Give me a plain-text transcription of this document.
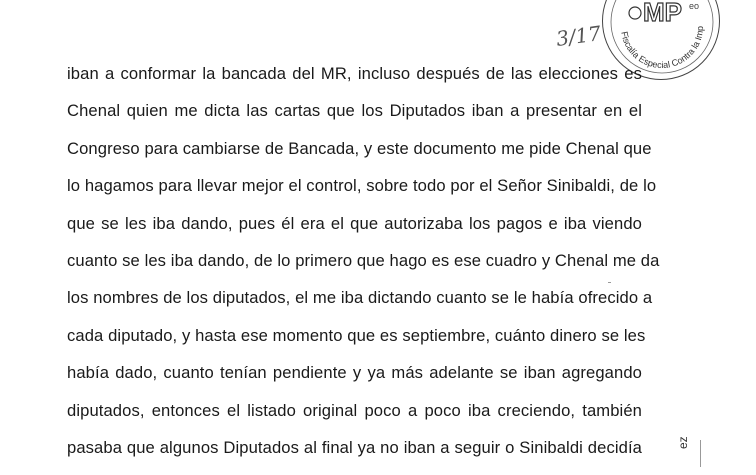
MP eo
Fiscalía Especial Contra la Imp
3/17
iban a conformar la bancada del MR, incluso después de las elecciones es
Chenal quien me dicta las cartas que los Diputados iban a presentar en el
Congreso para cambiarse de Bancada, y este documento me pide Chenal que
lo hagamos para llevar mejor el control, sobre todo por el Señor Sinibaldi, de lo
que se les iba dando, pues él era el que autorizaba los pagos e iba viendo
cuanto se les iba dando, de lo primero que hago es ese cuadro y Chenal me da
los nombres de los diputados, el me iba dictando cuanto se le había ofrecido a
cada diputado, y hasta ese momento que es septiembre, cuánto dinero se les
había dado, cuanto tenían pendiente y ya más adelante se iban agregando
diputados, entonces el listado original poco a poco iba creciendo, también
pasaba que algunos Diputados al final ya no iban a seguir o Sinibaldi decidía	ez
